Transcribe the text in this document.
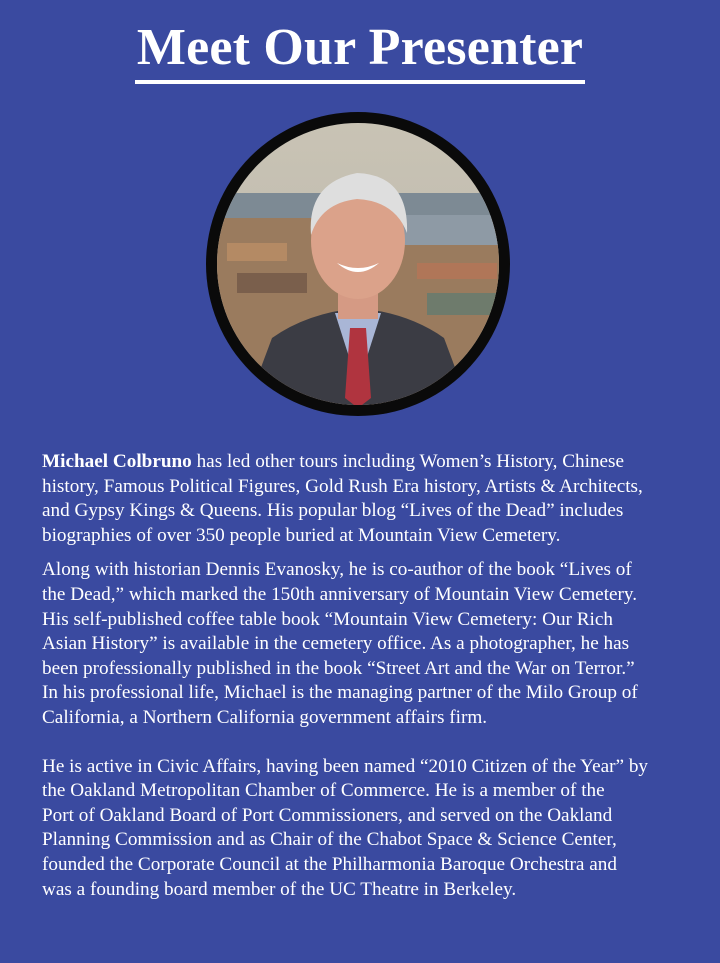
Meet Our Presenter

Michael Colbruno has led other tours including Women’s History, Chinese

history, Famous Political Figures, Gold Rush Era history, Artists & Architects,

and Gypsy Kings & Queens. His popular blog “Lives of the Dead” includes

biographies of over 350 people buried at Mountain View Cemetery.

Along with historian Dennis Evanosky, he is co-author of the book “Lives of

the Dead,” which marked the 150th anniversary of Mountain View Cemetery.

His self-published coffee table book “Mountain View Cemetery: Our Rich

Asian History” is available in the cemetery office. As a photographer, he has

been professionally published in the book “Street Art and the War on Terror.”

In his professional life, Michael is the managing partner of the Milo Group of

California, a Northern California government affairs firm.

He is active in Civic Affairs, having been named “2010 Citizen of the Year” by

the Oakland Metropolitan Chamber of Commerce. He is a member of the

Port of Oakland Board of Port Commissioners, and served on the Oakland

Planning Commission and as Chair of the Chabot Space & Science Center,

founded the Corporate Council at the Philharmonia Baroque Orchestra and

was a founding board member of the UC Theatre in Berkeley.
